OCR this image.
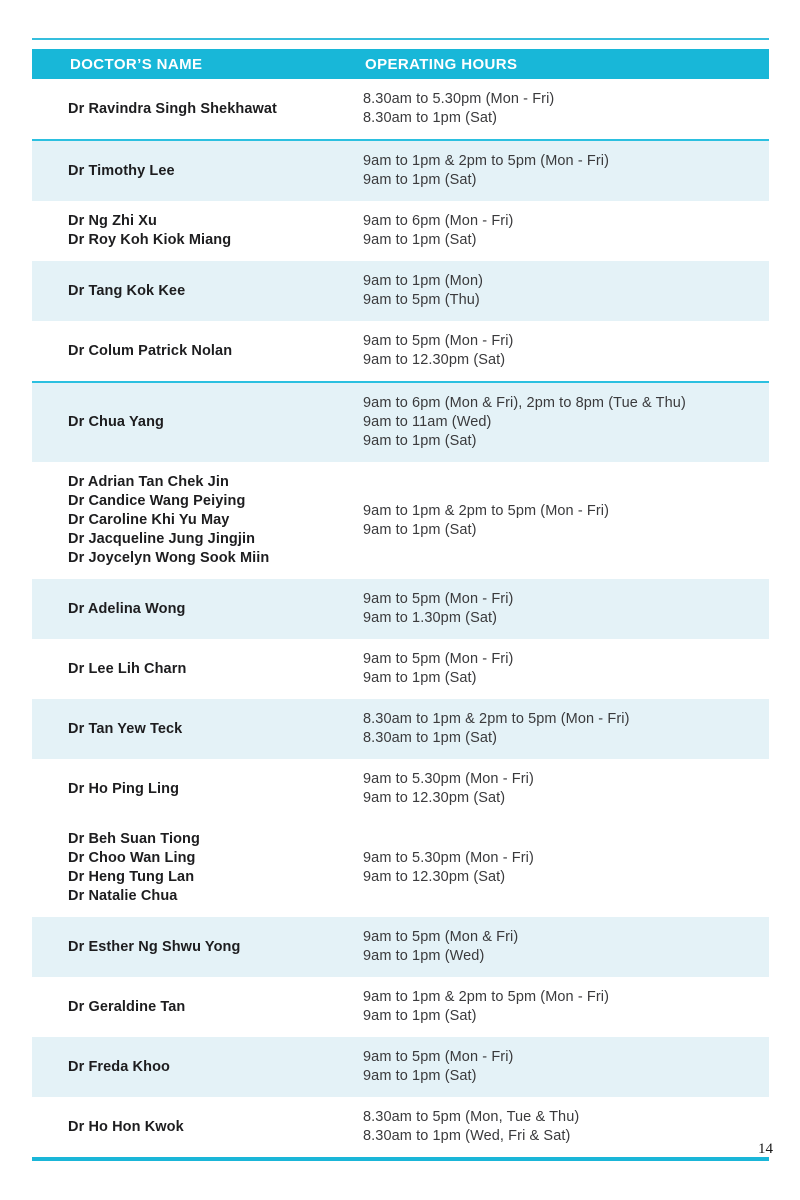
DOCTOR’S NAME	OPERATING HOURS
Dr Ravindra Singh Shekhawat
8.30am to 5.30pm (Mon - Fri)
8.30am to 1pm (Sat)
Dr Timothy Lee
9am to 1pm & 2pm to 5pm (Mon - Fri)
9am to 1pm (Sat)
Dr Ng Zhi Xu
Dr Roy Koh Kiok Miang
9am to 6pm (Mon - Fri)
9am to 1pm (Sat)
Dr Tang Kok Kee
9am to 1pm (Mon)
9am to 5pm (Thu)
Dr Colum Patrick Nolan
9am to 5pm (Mon - Fri)
9am to 12.30pm (Sat)
Dr Chua Yang
9am to 6pm (Mon & Fri), 2pm to 8pm (Tue & Thu)
9am to 11am (Wed)
9am to 1pm (Sat)
Dr Adrian Tan Chek Jin
Dr Candice Wang Peiying
Dr Caroline Khi Yu May
Dr Jacqueline Jung Jingjin
Dr Joycelyn Wong Sook Miin
9am to 1pm & 2pm to 5pm (Mon - Fri)
9am to 1pm (Sat)
Dr Adelina Wong
9am to 5pm (Mon - Fri)
9am to 1.30pm (Sat)
Dr Lee Lih Charn
9am to 5pm (Mon - Fri)
9am to 1pm (Sat)
Dr Tan Yew Teck
8.30am to 1pm & 2pm to 5pm (Mon - Fri)
8.30am to 1pm (Sat)
Dr Ho Ping Ling
9am to 5.30pm (Mon - Fri)
9am to 12.30pm (Sat)
Dr Beh Suan Tiong
Dr Choo Wan Ling
Dr Heng Tung Lan
Dr Natalie Chua
9am to 5.30pm (Mon - Fri)
9am to 12.30pm (Sat)
Dr Esther Ng Shwu Yong
9am to 5pm (Mon & Fri)
9am to 1pm (Wed)
Dr Geraldine Tan
9am to 1pm & 2pm to 5pm (Mon - Fri)
9am to 1pm (Sat)
Dr Freda Khoo
9am to 5pm (Mon - Fri)
9am to 1pm (Sat)
Dr Ho Hon Kwok
8.30am to 5pm (Mon, Tue & Thu)
8.30am to 1pm (Wed, Fri & Sat)
14
